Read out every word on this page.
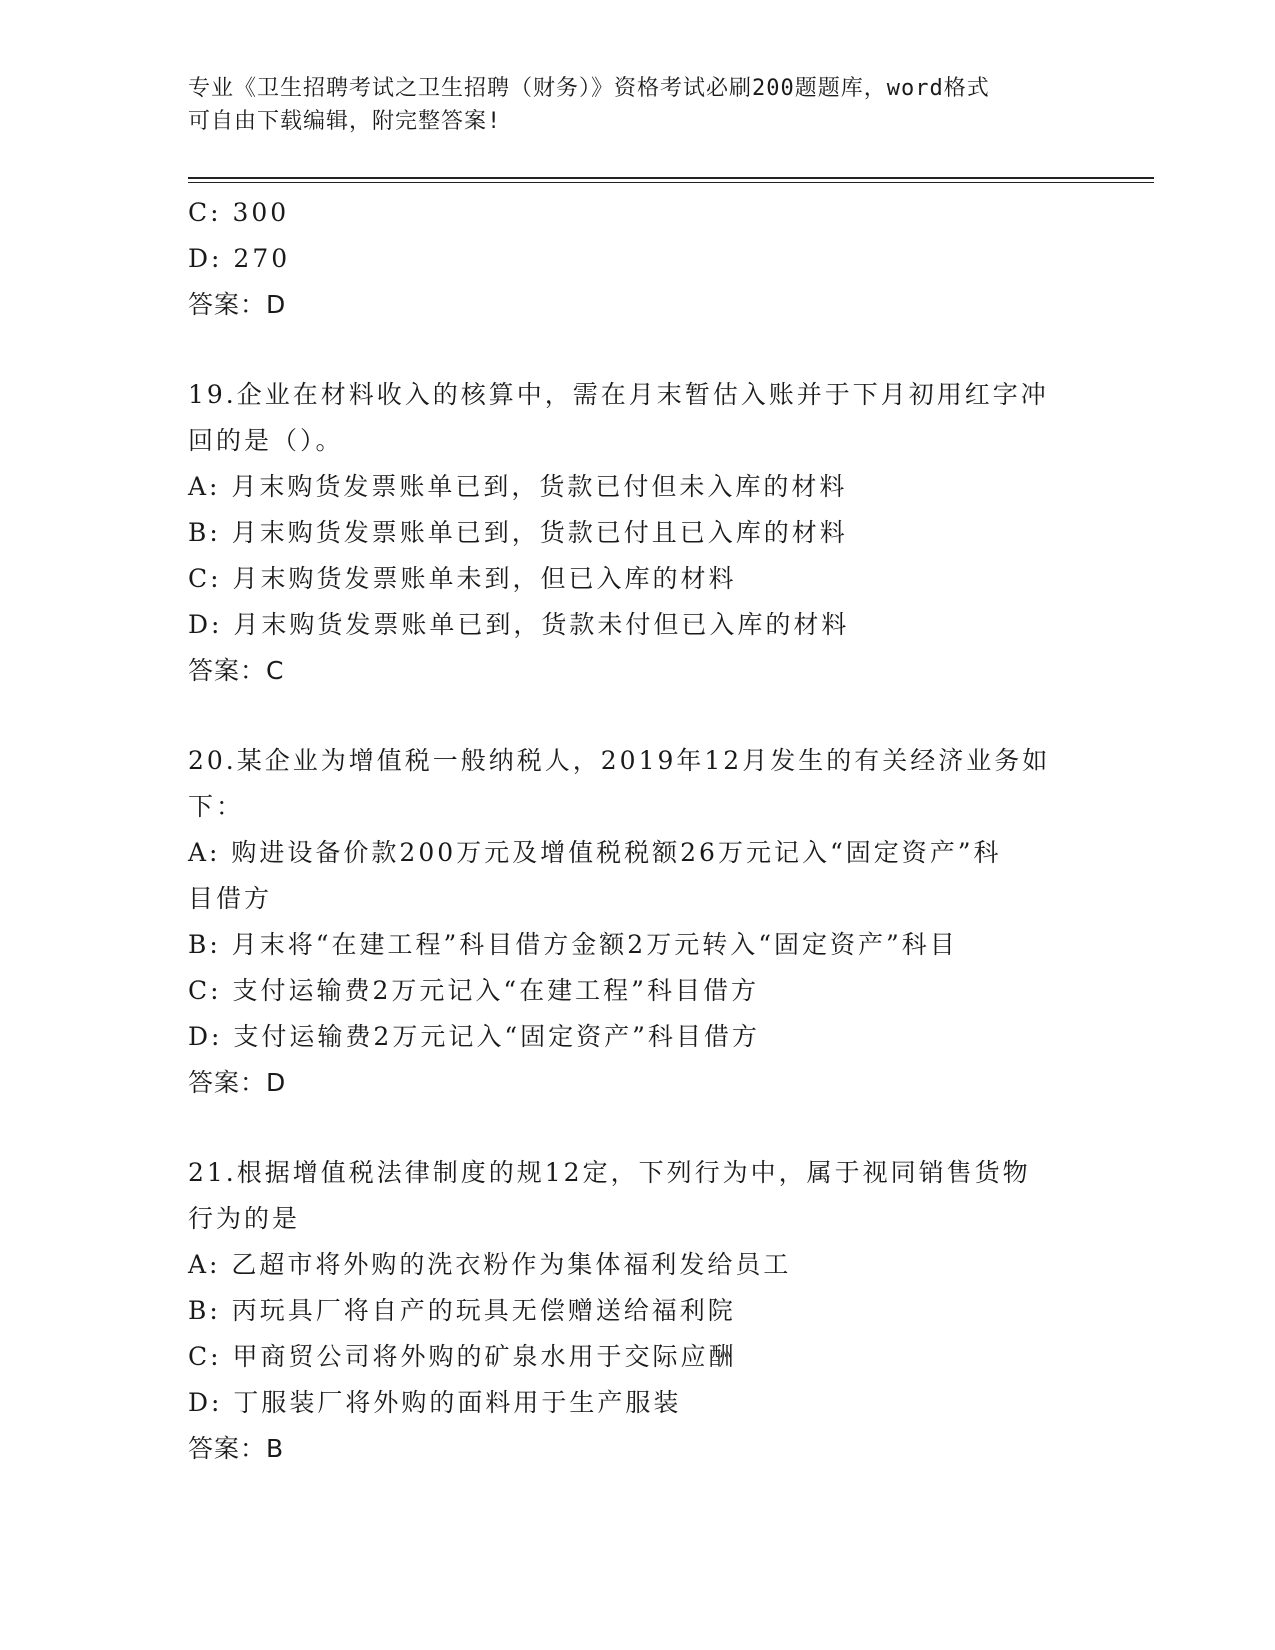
专业《卫生招聘考试之卫生招聘（财务）》资格考试必刷200题题库，word格式
可自由下载编辑，附完整答案!
C: 300
D: 270
答案：D
19.企业在材料收入的核算中，需在月末暂估入账并于下月初用红字冲
回的是（）。
A: 月末购货发票账单已到，货款已付但未入库的材料
B: 月末购货发票账单已到，货款已付且已入库的材料
C: 月末购货发票账单未到，但已入库的材料
D: 月末购货发票账单已到，货款未付但已入库的材料
答案：C
20.某企业为增值税一般纳税人，2019年12月发生的有关经济业务如
下：
A: 购进设备价款200万元及增值税税额26万元记入“固定资产”科
目借方
B: 月末将“在建工程”科目借方金额2万元转入“固定资产”科目
C: 支付运输费2万元记入“在建工程”科目借方
D: 支付运输费2万元记入“固定资产”科目借方
答案：D
21.根据增值税法律制度的规12定，下列行为中，属于视同销售货物
行为的是
A: 乙超市将外购的洗衣粉作为集体福利发给员工
B: 丙玩具厂将自产的玩具无偿赠送给福利院
C: 甲商贸公司将外购的矿泉水用于交际应酬
D: 丁服装厂将外购的面料用于生产服装
答案：B
